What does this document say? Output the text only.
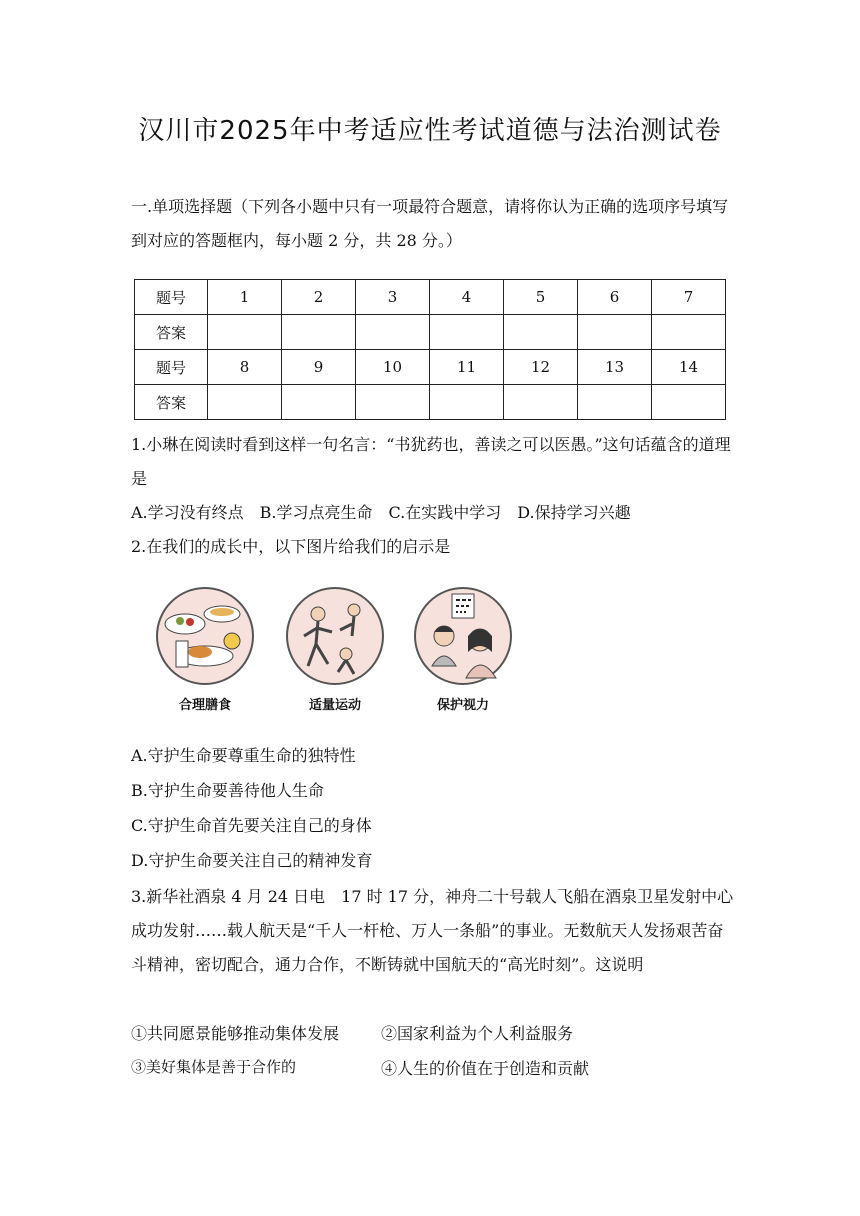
汉川市2025年中考适应性考试道德与法治测试卷
一.单项选择题（下列各小题中只有一项最符合题意，请将你认为正确的选项序号填写到对应的答题框内，每小题 2 分，共 28 分。）
题号	1	2	3	4	5	6	7
答案							
题号	8	9	10	11	12	13	14
答案							
1.小琳在阅读时看到这样一句名言：“书犹药也，善读之可以医愚。”这句话蕴含的道理是
A.学习没有终点　B.学习点亮生命　C.在实践中学习　D.保持学习兴趣
2.在我们的成长中，以下图片给我们的启示是
合理膳食	适量运动	保护视力
A.守护生命要尊重生命的独特性
B.守护生命要善待他人生命
C.守护生命首先要关注自己的身体
D.守护生命要关注自己的精神发育
3.新华社酒泉 4 月 24 日电　17 时 17 分，神舟二十号载人飞船在酒泉卫星发射中心成功发射……载人航天是“千人一杆枪、万人一条船”的事业。无数航天人发扬艰苦奋斗精神，密切配合，通力合作，不断铸就中国航天的“高光时刻”。这说明
①共同愿景能够推动集体发展	②国家利益为个人利益服务
③美好集体是善于合作的	④人生的价值在于创造和贡献
